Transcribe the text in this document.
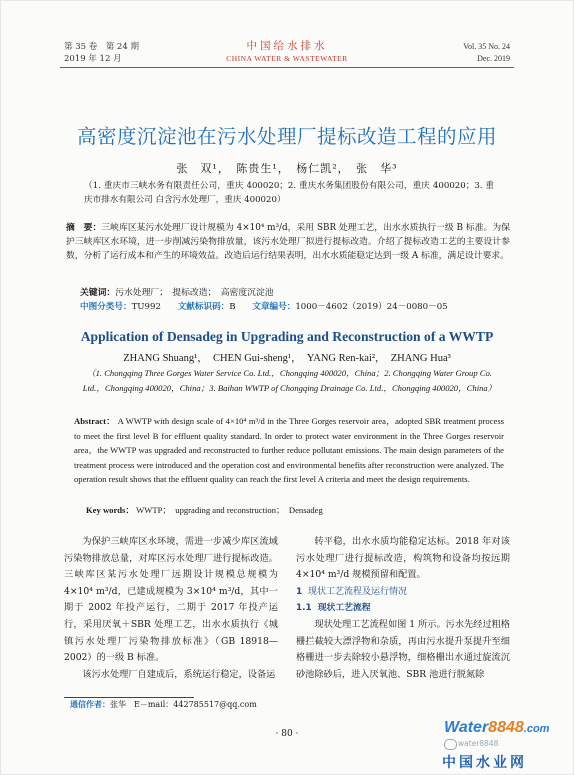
第 35 卷　第 24 期
2019 年 12 月
中国给水排水
CHINA WATER & WASTEWATER
Vol. 35 No. 24
Dec. 2019
高密度沉淀池在污水处理厂提标改造工程的应用
张　双¹，　陈贵生¹，　杨仁凯²，　张　华³
（1. 重庆市三峡水务有限责任公司，重庆 400020；2. 重庆水务集团股份有限公司，重庆 400020；3. 重庆市排水有限公司 白含污水处理厂，重庆 400020）
摘　要：三峡库区某污水处理厂设计规模为 4×10⁴ m³/d，采用 SBR 处理工艺，出水水质执行一级 B 标准。为保护三峡库区水环境，进一步削减污染物排放量，该污水处理厂拟进行提标改造。介绍了提标改造工艺的主要设计参数，分析了运行成本和产生的环境效益。改造后运行结果表明，出水水质能稳定达到一级 A 标准，满足设计要求。
关键词：污水处理厂；　提标改造；　高密度沉淀池
中图分类号：TU992 文献标识码：B 文章编号：1000－4602（2019）24－0080－05
Application of Densadeg in Upgrading and Reconstruction of a WWTP
ZHANG Shuang¹，　CHEN Gui-sheng¹，　YANG Ren-kai²，　ZHANG Hua³
（1. Chongqing Three Gorges Water Service Co. Ltd.，Chongqing 400020，China；2. Chongqing Water Group Co. Ltd.，Chongqing 400020，China；3. Baihan WWTP of Chongqing Drainage Co. Ltd.，Chongqing 400020，China）
Abstract： A WWTP with design scale of 4×10⁴ m³/d in the Three Gorges reservoir area，adopted SBR treatment process to meet the first level B for effluent quality standard. In order to protect water environment in the Three Gorges reservoir area，the WWTP was upgraded and reconstructed to further reduce pollutant emissions. The main design parameters of the treatment process were introduced and the operation cost and environmental benefits after reconstruction were analyzed. The operation result shows that the effluent quality can reach the first level A criteria and meet the design requirements.
Key words： WWTP；　upgrading and reconstruction；　Densadeg

为保护三峡库区水环境，需进一步减少库区流域污染物排放总量，对库区污水处理厂进行提标改造。三峡库区某污水处理厂远期设计规模总规模为 4×10⁴ m³/d，已建成规模为 3×10⁴ m³/d，其中一期于 2002 年投产运行，二期于 2017 年投产运行，采用厌氧＋SBR 处理工艺，出水水质执行《城镇污水处理厂污染物排放标准》（GB 18918—2002）的一级 B 标准。

该污水处理厂自建成后，系统运行稳定，设备运

转平稳，出水水质均能稳定达标。2018 年对该污水处理厂进行提标改造，构筑物和设备均按远期 4×10⁴ m³/d 规模预留和配置。

1 现状工艺流程及运行情况
1.1 现状工艺流程

现状处理工艺流程如图 1 所示。污水先经过粗格栅拦截较大漂浮物和杂质，再由污水提升泵提升至细格栅进一步去除较小悬浮物，细格栅出水通过旋流沉砂池除砂后，进入厌氧池、SBR 池进行脱氮除

通信作者：张华　E－mail：442785517@qq.com
· 80 ·	Water8848.com
water8848
中国水业网
